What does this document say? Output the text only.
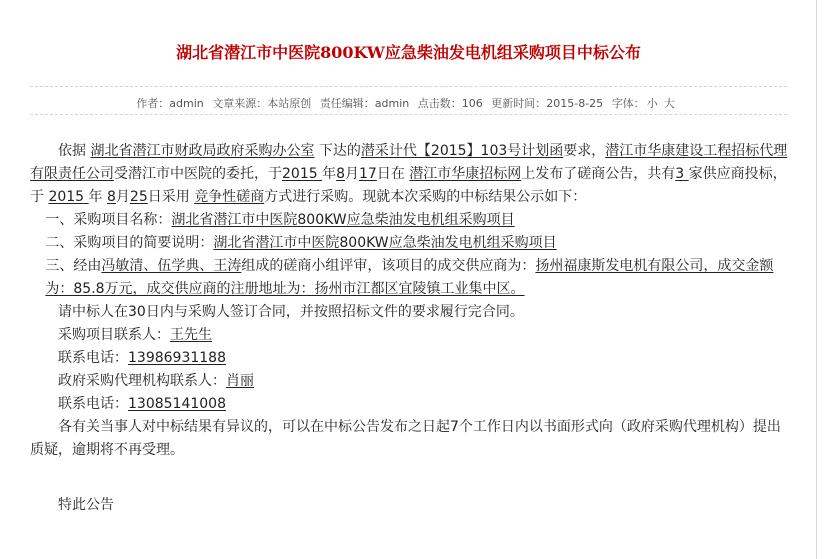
湖北省潜江市中医院800KW应急柴油发电机组采购项目中标公布
作者：admin 文章来源：本站原创 责任编辑：admin 点击数：106 更新时间：2015-8-25 字体： 小 大

依据 湖北省潜江市财政局政府采购办公室 下达的潜采计代【2015】103号计划函要求，潜江市华康建设工程招标代理有限责任公司受潜江市中医院的委托，于2015 年8月17日在 潜江市华康招标网上发布了磋商公告，共有3 家供应商投标，于 2015 年 8月25日采用 竞争性磋商方式进行采购。现就本次采购的中标结果公示如下：

一、采购项目名称：湖北省潜江市中医院800KW应急柴油发电机组采购项目

二、采购项目的简要说明：湖北省潜江市中医院800KW应急柴油发电机组采购项目

三、经由冯敏清、伍学典、王涛组成的磋商小组评审，该项目的成交供应商为：扬州福康斯发电机有限公司，成交金额为：85.8万元，成交供应商的注册地址为：扬州市江都区宜陵镇工业集中区。

请中标人在30日内与采购人签订合同，并按照招标文件的要求履行完合同。

采购项目联系人：王先生

联系电话：13986931188

政府采购代理机构联系人：肖丽

联系电话：13085141008

各有关当事人对中标结果有异议的，可以在中标公告发布之日起7个工作日内以书面形式向（政府采购代理机构）提出质疑，逾期将不再受理。

特此公告
